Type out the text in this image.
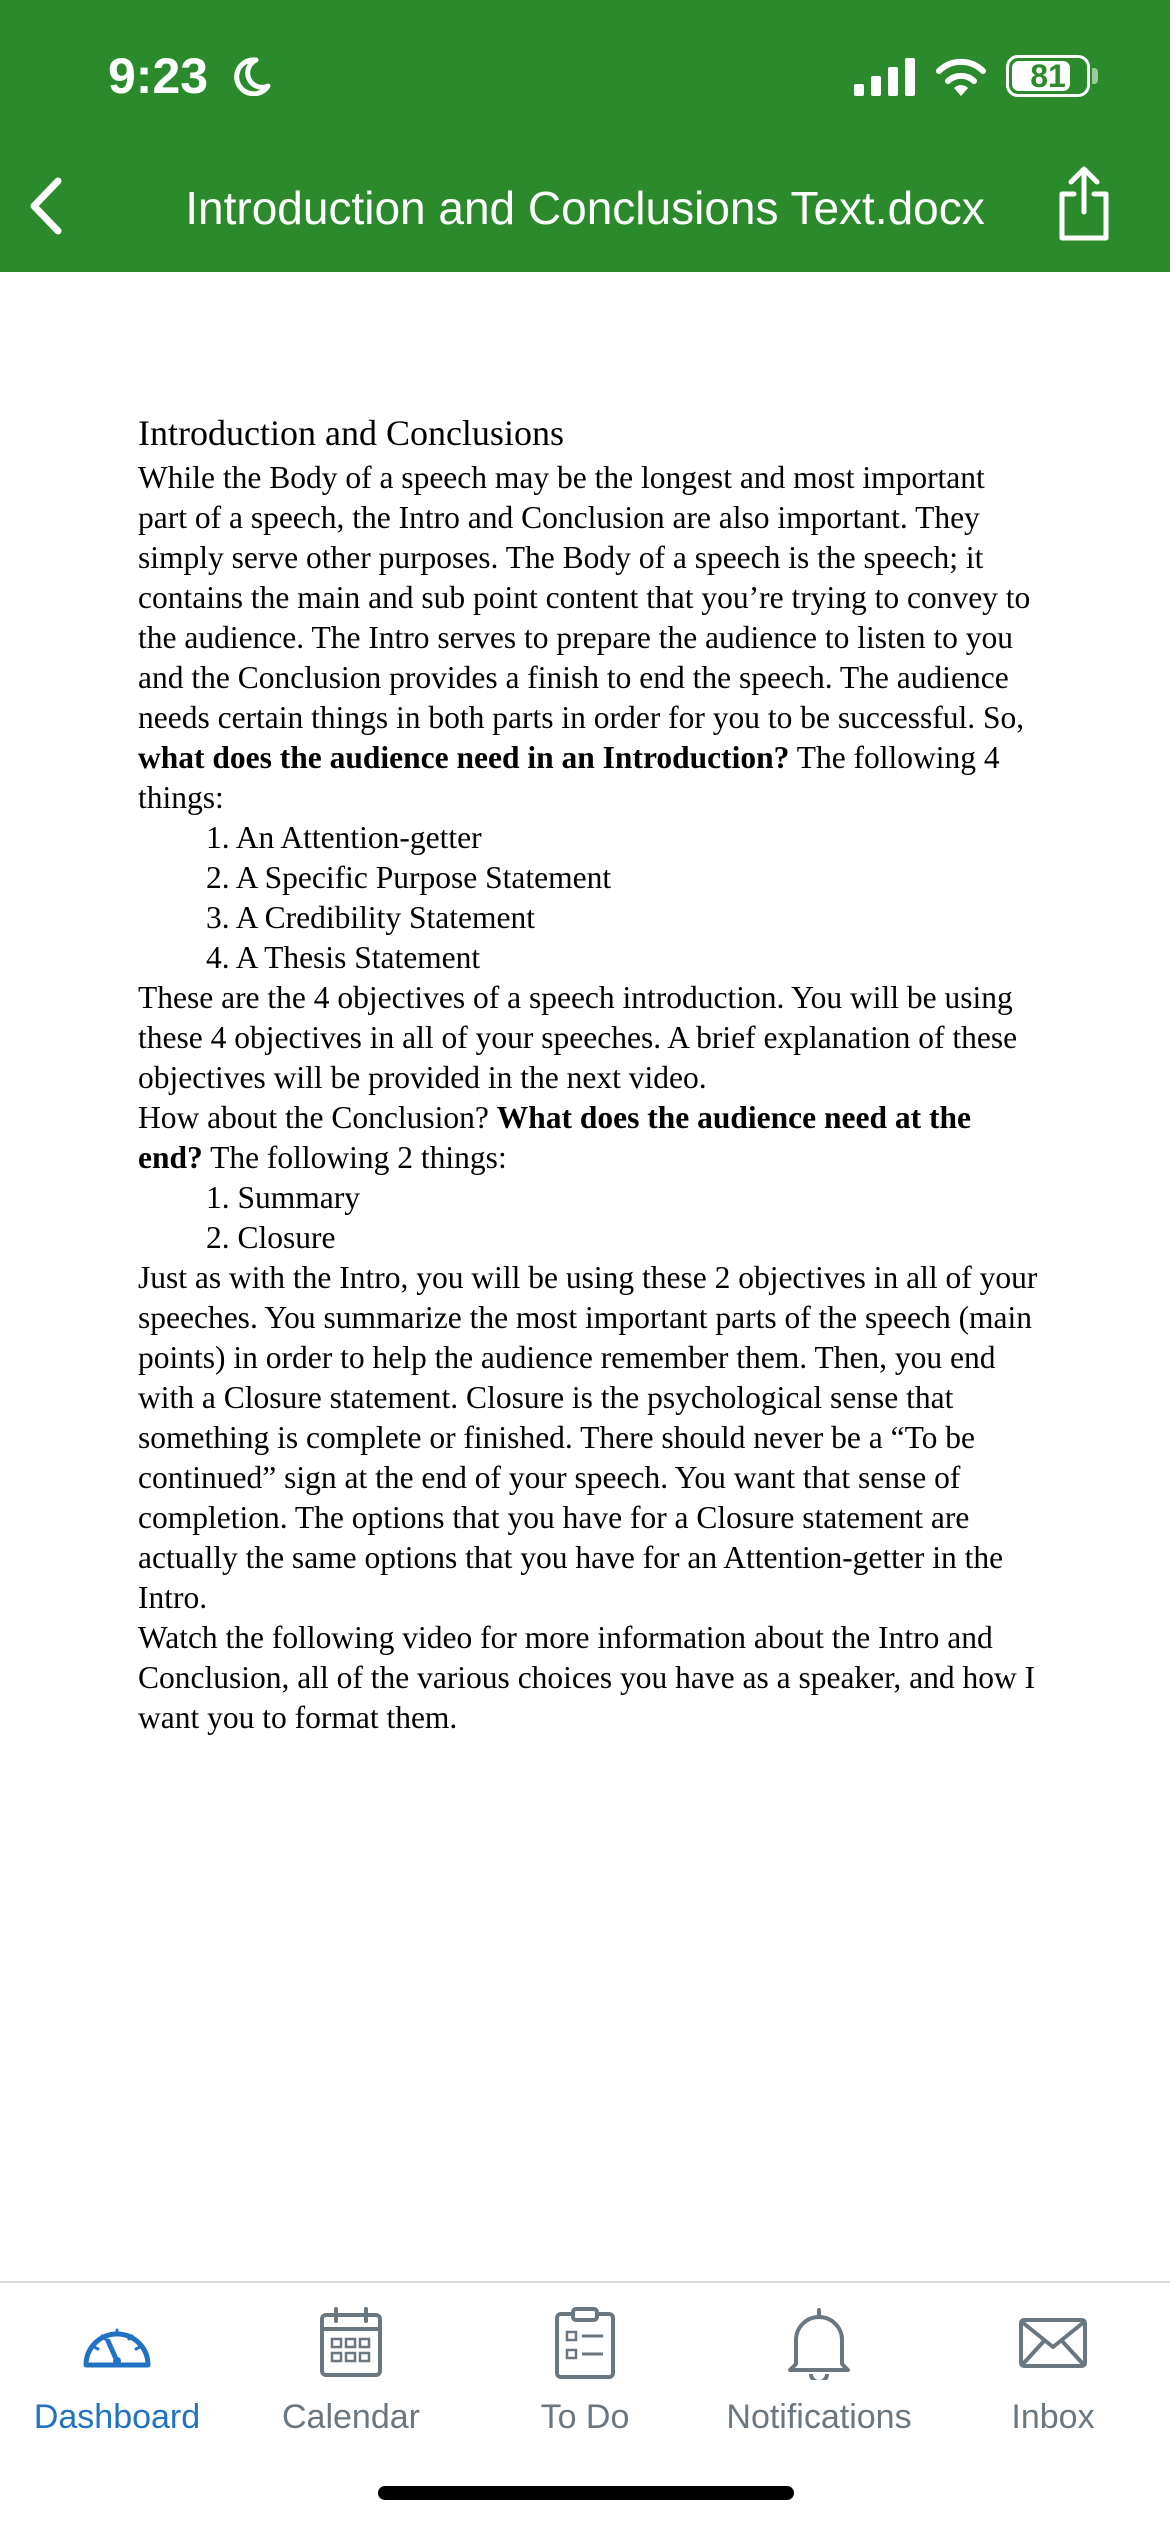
9:23	81
Introduction and Conclusions Text.docx
Introduction and Conclusions

While the Body of a speech may be the longest and most important part of a speech, the Intro and Conclusion are also important. They simply serve other purposes. The Body of a speech is the speech; it contains the main and sub point content that you’re trying to convey to the audience. The Intro serves to prepare the audience to listen to you and the Conclusion provides a finish to end the speech. The audience needs certain things in both parts in order for you to be successful. So, what does the audience need in an Introduction? The following 4 things:

1. An Attention-getter
2. A Specific Purpose Statement
3. A Credibility Statement
4. A Thesis Statement

These are the 4 objectives of a speech introduction. You will be using these 4 objectives in all of your speeches. A brief explanation of these objectives will be provided in the next video.

How about the Conclusion? What does the audience need at the end? The following 2 things:

1. Summary
2. Closure

Just as with the Intro, you will be using these 2 objectives in all of your speeches. You summarize the most important parts of the speech (main points) in order to help the audience remember them. Then, you end with a Closure statement. Closure is the psychological sense that something is complete or finished. There should never be a “To be continued” sign at the end of your speech. You want that sense of completion. The options that you have for a Closure statement are actually the same options that you have for an Attention-getter in the Intro.

Watch the following video for more information about the Intro and Conclusion, all of the various choices you have as a speaker, and how I want you to format them.

Dashboard Calendar	To Do	Notifications	Inbox
